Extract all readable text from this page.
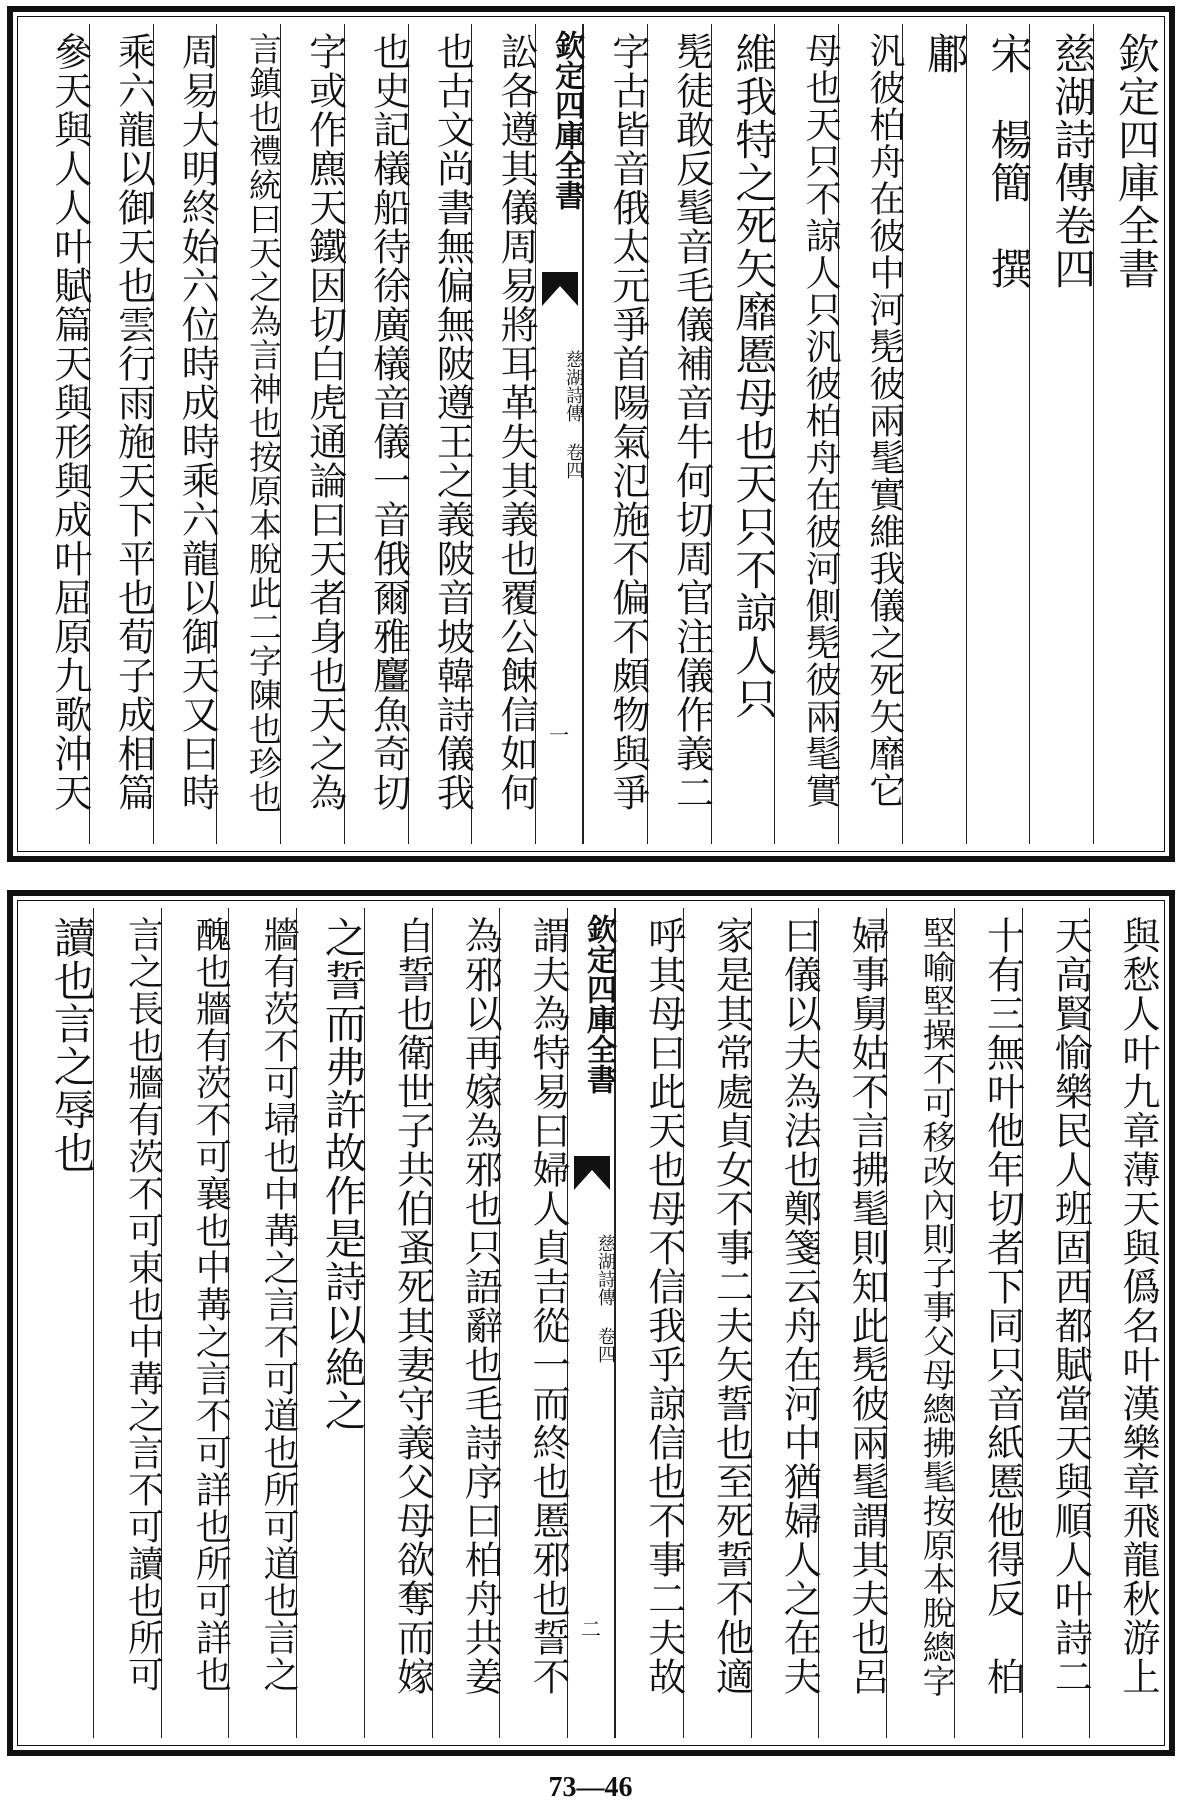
欽定四庫全書
慈湖詩傳卷四
宋　楊簡　撰
鄘
汎彼柏舟在彼中河髧彼兩髦實維我儀之死矢靡它
母也天只不諒人只汎彼柏舟在彼河側髧彼兩髦實
維我特之死矢靡慝母也天只不諒人只
髧徒敢反髦音毛儀補音牛何切周官注儀作義二
字古皆音俄太元爭首陽氣氾施不偏不頗物與爭
欽定四庫全書
慈湖詩傳 卷四
一
訟各遵其儀周易將耳革失其義也覆公餗信如何
也古文尚書無偏無陂遵王之義陂音坡韓詩儀我
也史記檥船待徐廣檥音儀一音俄爾雅麠魚奇切
字或作麃天鐵因切白虎通論曰天者身也天之為
言鎮也禮統曰天之為言神也按原本脫此二字陳也珍也
周易大明終始六位時成時乘六龍以御天又曰時
乘六龍以御天也雲行雨施天下平也荀子成相篇
參天與人人叶賦篇天與形與成叶屈原九歌沖天
與愁人叶九章薄天與僞名叶漢樂章飛龍秋游上
天高賢愉樂民人班固西都賦當天與順人叶詩二
十有三無叶他年切者下同只音紙慝他得反　柏
堅喻堅操不可移改內則子事父母總拂髦按原本脫總字
婦事舅姑不言拂髦則知此髧彼兩髦謂其夫也呂
曰儀以夫為法也鄭箋云舟在河中猶婦人之在夫
家是其常處貞女不事二夫矢誓也至死誓不他適
呼其母曰此天也母不信我乎諒信也不事二夫故
欽定四庫全書
慈湖詩傳 卷四
二
謂夫為特易曰婦人貞吉從一而終也慝邪也誓不
為邪以再嫁為邪也只語辭也毛詩序曰柏舟共姜
自誓也衛世子共伯蚤死其妻守義父母欲奪而嫁
之誓而弗許故作是詩以絶之
牆有茨不可埽也中冓之言不可道也所可道也言之
醜也牆有茨不可襄也中冓之言不可詳也所可詳也
言之長也牆有茨不可束也中冓之言不可讀也所可
讀也言之辱也
73—46
